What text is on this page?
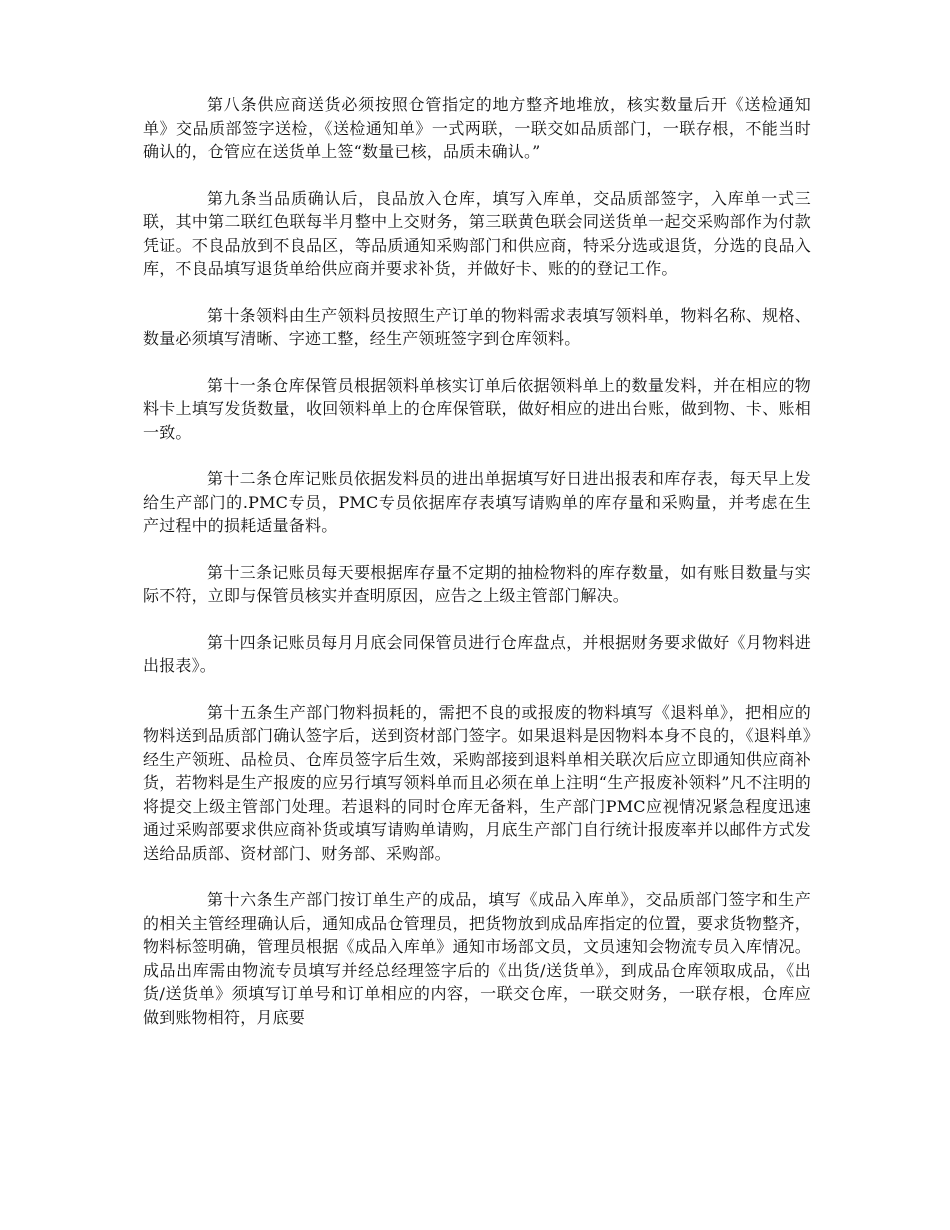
第八条供应商送货必须按照仓管指定的地方整齐地堆放，核实数量后开《送检通知单》交品质部签字送检，《送检通知单》一式两联，一联交如品质部门，一联存根，不能当时确认的，仓管应在送货单上签“数量已核，品质未确认。”

第九条当品质确认后，良品放入仓库，填写入库单，交品质部签字，入库单一式三联，其中第二联红色联每半月整中上交财务，第三联黄色联会同送货单一起交采购部作为付款凭证。不良品放到不良品区，等品质通知采购部门和供应商，特采分选或退货，分选的良品入库，不良品填写退货单给供应商并要求补货，并做好卡、账的的登记工作。

第十条领料由生产领料员按照生产订单的物料需求表填写领料单，物料名称、规格、数量必须填写清晰、字迹工整，经生产领班签字到仓库领料。

第十一条仓库保管员根据领料单核实订单后依据领料单上的数量发料，并在相应的物料卡上填写发货数量，收回领料单上的仓库保管联，做好相应的进出台账，做到物、卡、账相一致。

第十二条仓库记账员依据发料员的进出单据填写好日进出报表和库存表，每天早上发给生产部门的.PMC专员，PMC专员依据库存表填写请购单的库存量和采购量，并考虑在生产过程中的损耗适量备料。

第十三条记账员每天要根据库存量不定期的抽检物料的库存数量，如有账目数量与实际不符，立即与保管员核实并查明原因，应告之上级主管部门解决。

第十四条记账员每月月底会同保管员进行仓库盘点，并根据财务要求做好《月物料进出报表》。

第十五条生产部门物料损耗的，需把不良的或报废的物料填写《退料单》，把相应的物料送到品质部门确认签字后，送到资材部门签字。如果退料是因物料本身不良的，《退料单》经生产领班、品检员、仓库员签字后生效，采购部接到退料单相关联次后应立即通知供应商补货，若物料是生产报废的应另行填写领料单而且必须在单上注明“生产报废补领料”凡不注明的将提交上级主管部门处理。若退料的同时仓库无备料，生产部门PMC应视情况紧急程度迅速通过采购部要求供应商补货或填写请购单请购，月底生产部门自行统计报废率并以邮件方式发送给品质部、资材部门、财务部、采购部。

第十六条生产部门按订单生产的成品，填写《成品入库单》，交品质部门签字和生产的相关主管经理确认后，通知成品仓管理员，把货物放到成品库指定的位置，要求货物整齐，物料标签明确，管理员根据《成品入库单》通知市场部文员，文员速知会物流专员入库情况。成品出库需由物流专员填写并经总经理签字后的《出货/送货单》，到成品仓库领取成品，《出货/送货单》须填写订单号和订单相应的内容，一联交仓库，一联交财务，一联存根，仓库应做到账物相符，月底要
